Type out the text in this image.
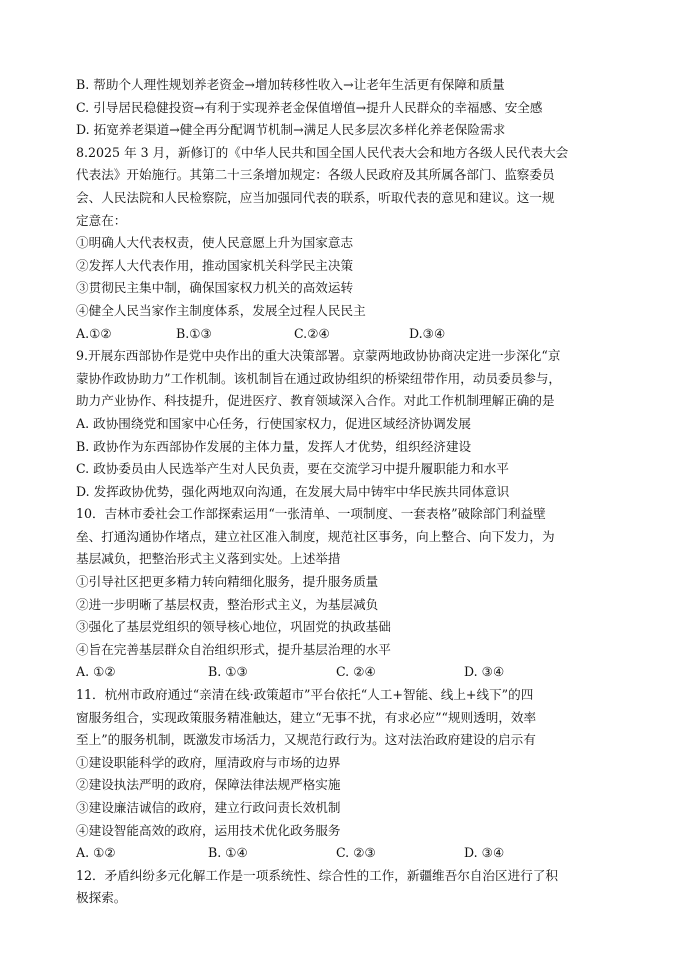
B. 帮助个人理性规划养老资金→增加转移性收入→让老年生活更有保障和质量
C. 引导居民稳健投资→有利于实现养老金保值增值→提升人民群众的幸福感、安全感
D. 拓宽养老渠道→健全再分配调节机制→满足人民多层次多样化养老保险需求
8.2025 年 3 月，新修订的《中华人民共和国全国人民代表大会和地方各级人民代表大会
代表法》开始施行。其第二十三条增加规定：各级人民政府及其所属各部门、监察委员
会、人民法院和人民检察院，应当加强同代表的联系，听取代表的意见和建议。这一规
定意在：
①明确人大代表权责，使人民意愿上升为国家意志
②发挥人大代表作用，推动国家机关科学民主决策
③贯彻民主集中制，确保国家权力机关的高效运转
④健全人民当家作主制度体系，发展全过程人民民主
A.①②	B.①③	C.②④	D.③④
9.开展东西部协作是党中央作出的重大决策部署。京蒙两地政协协商决定进一步深化“京
蒙协作政协助力”工作机制。该机制旨在通过政协组织的桥梁纽带作用，动员委员参与，
助力产业协作、科技提升，促进医疗、教育领域深入合作。对此工作机制理解正确的是
A. 政协围绕党和国家中心任务，行使国家权力，促进区域经济协调发展
B. 政协作为东西部协作发展的主体力量，发挥人才优势，组织经济建设
C. 政协委员由人民选举产生对人民负责，要在交流学习中提升履职能力和水平
D. 发挥政协优势，强化两地双向沟通，在发展大局中铸牢中华民族共同体意识
10．吉林市委社会工作部探索运用“一张清单、一项制度、一套表格”破除部门利益壁
垒、打通沟通协作堵点，建立社区准入制度，规范社区事务，向上整合、向下发力，为
基层减负，把整治形式主义落到实处。上述举措
①引导社区把更多精力转向精细化服务，提升服务质量
②进一步明晰了基层权责，整治形式主义，为基层减负
③强化了基层党组织的领导核心地位，巩固党的执政基础
④旨在完善基层群众自治组织形式，提升基层治理的水平
A. ①②	B. ①③	C. ②④	D. ③④
11．杭州市政府通过“亲清在线·政策超市”平台依托“人工+智能、线上+线下”的四
窗服务组合，实现政策服务精准触达，建立“无事不扰，有求必应”“规则透明，效率
至上”的服务机制，既激发市场活力，又规范行政行为。这对法治政府建设的启示有
①建设职能科学的政府，厘清政府与市场的边界
②建设执法严明的政府，保障法律法规严格实施
③建设廉洁诚信的政府，建立行政问责长效机制
④建设智能高效的政府，运用技术优化政务服务
A. ①②	B. ①④	C. ②③	D. ③④
12．矛盾纠纷多元化解工作是一项系统性、综合性的工作，新疆维吾尔自治区进行了积
极探索。
